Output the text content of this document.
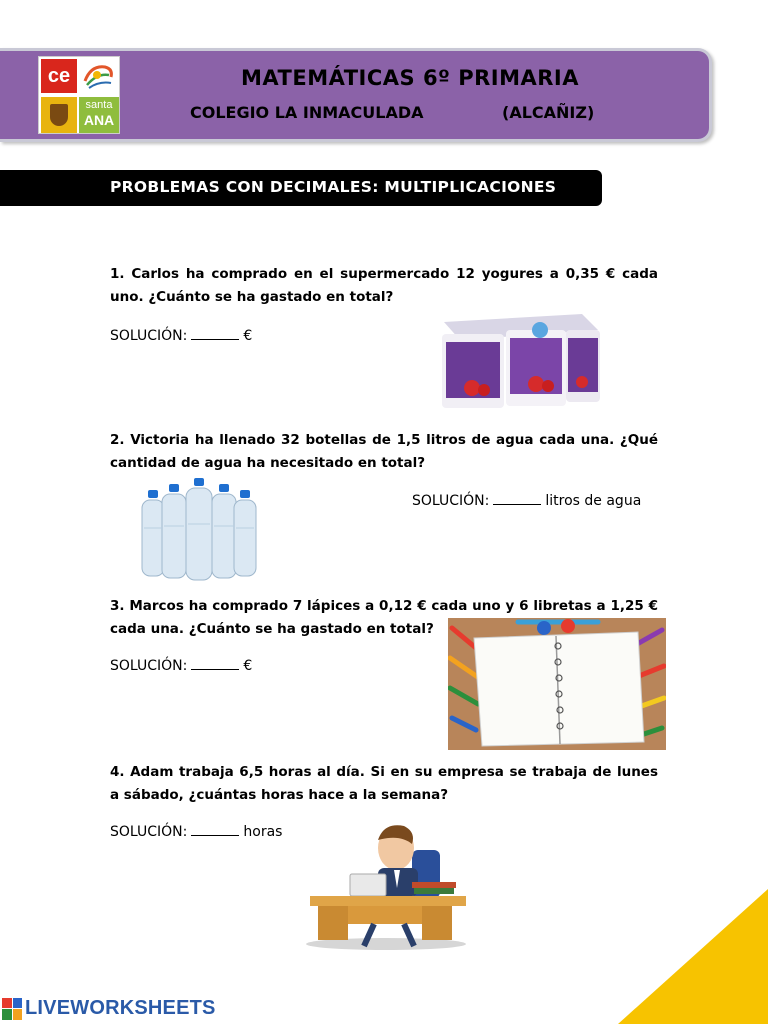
ce
santa
ANA
MATEMÁTICAS 6º PRIMARIA
COLEGIO LA INMACULADA	(ALCAÑIZ)
PROBLEMAS CON DECIMALES: MULTIPLICACIONES
1. Carlos ha comprado en el supermercado 12 yogures a 0,35 € cada uno. ¿Cuánto se ha gastado en total?
SOLUCIÓN:	€
2. Victoria ha llenado 32 botellas de 1,5 litros de agua cada una. ¿Qué cantidad de agua ha necesitado en total?
SOLUCIÓN:	litros de agua
3. Marcos ha comprado 7 lápices a 0,12 € cada uno y 6 libretas a 1,25 € cada una. ¿Cuánto se ha gastado en total?
SOLUCIÓN:	€
4. Adam trabaja 6,5 horas al día. Si en su empresa se trabaja de lunes a sábado, ¿cuántas horas hace a la semana?
SOLUCIÓN:	horas
LIVEWORKSHEETS
